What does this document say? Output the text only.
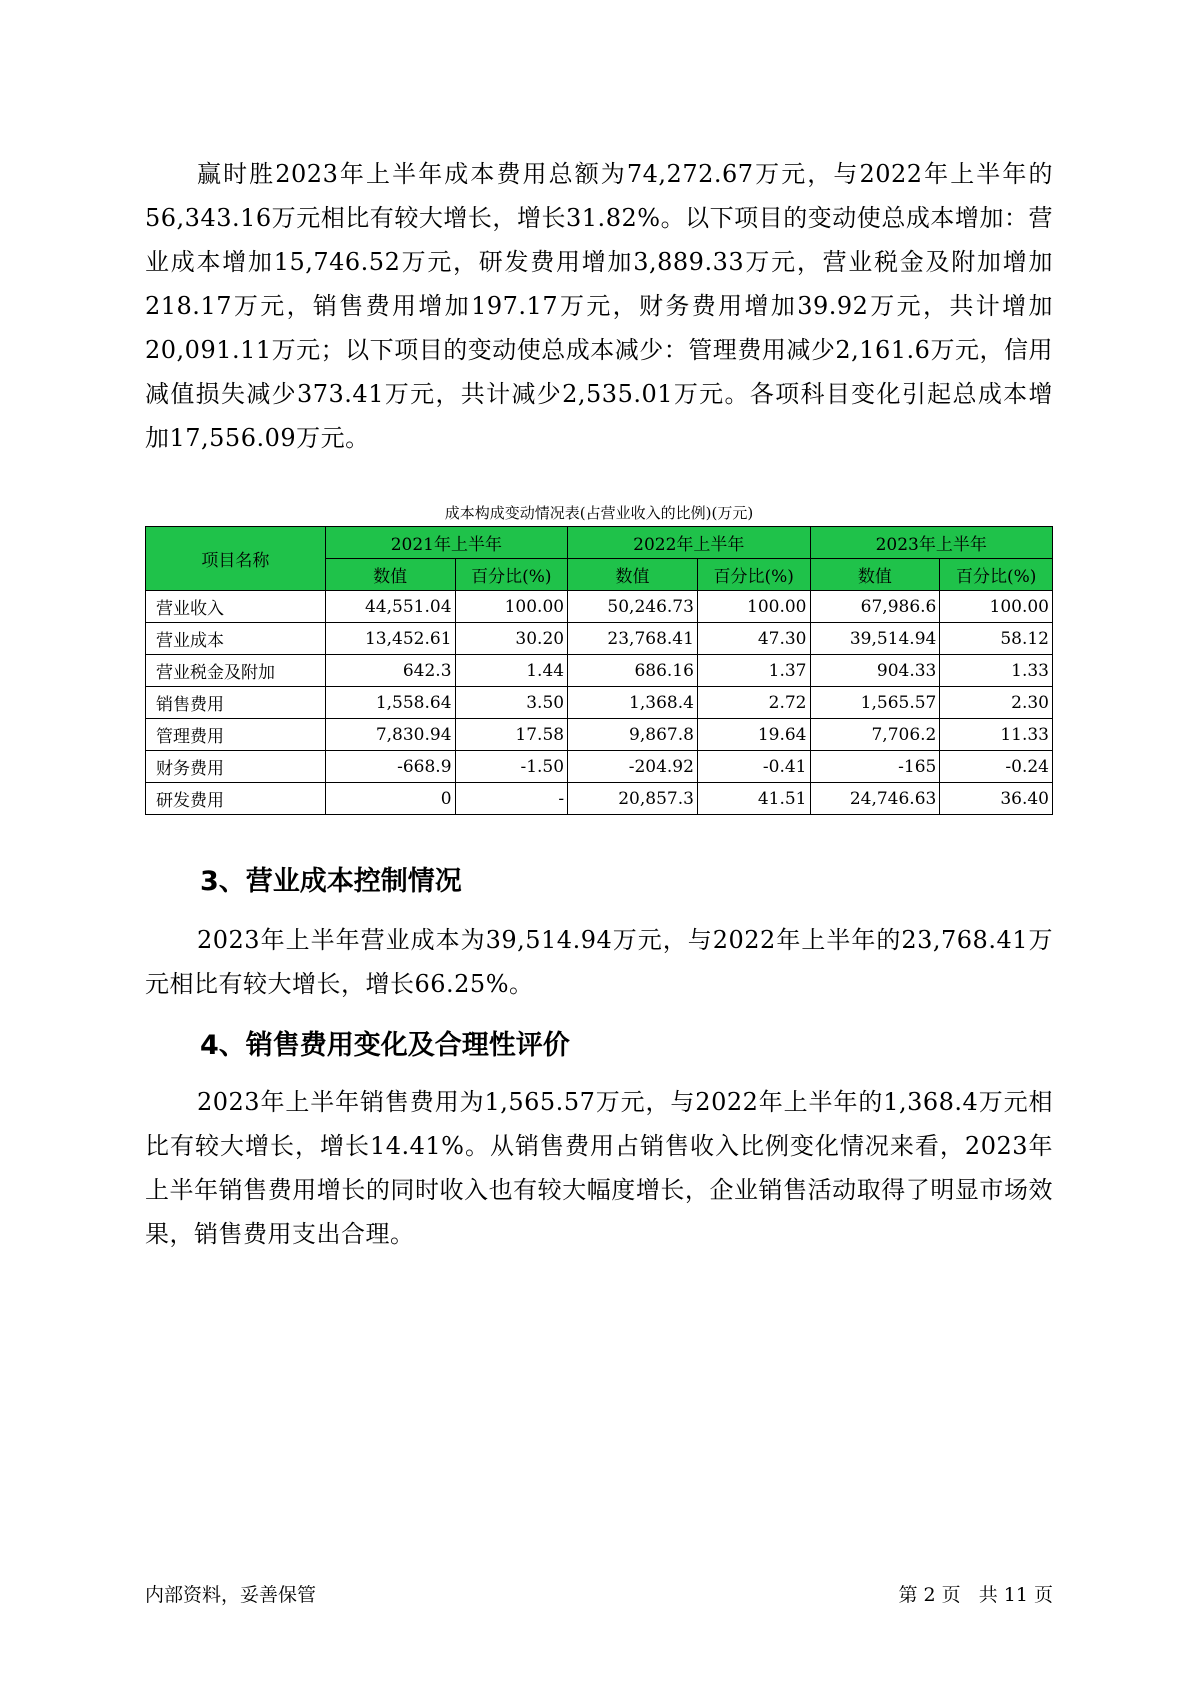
赢时胜2023年上半年成本费用总额为74,272.67万元，与2022年上半年的56,343.16万元相比有较大增长，增长31.82%。以下项目的变动使总成本增加：营业成本增加15,746.52万元，研发费用增加3,889.33万元，营业税金及附加增加218.17万元，销售费用增加197.17万元，财务费用增加39.92万元，共计增加20,091.11万元；以下项目的变动使总成本减少：管理费用减少2,161.6万元，信用减值损失减少373.41万元，共计减少2,535.01万元。各项科目变化引起总成本增加17,556.09万元。

成本构成变动情况表(占营业收入的比例)(万元)

项目名称	2021年上半年		2022年上半年		2023年上半年	
	数值	百分比(%)	数值	百分比(%)	数值	百分比(%)
营业收入	44,551.04	100.00	50,246.73	100.00	67,986.6	100.00
营业成本	13,452.61	30.20	23,768.41	47.30	39,514.94	58.12
营业税金及附加	642.3	1.44	686.16	1.37	904.33	1.33
销售费用	1,558.64	3.50	1,368.4	2.72	1,565.57	2.30
管理费用	7,830.94	17.58	9,867.8	19.64	7,706.2	11.33
财务费用	-668.9	-1.50	-204.92	-0.41	-165	-0.24
研发费用	0	-	20,857.3	41.51	24,746.63	36.40
3、营业成本控制情况

2023年上半年营业成本为39,514.94万元，与2022年上半年的23,768.41万元相比有较大增长，增长66.25%。

4、销售费用变化及合理性评价

2023年上半年销售费用为1,565.57万元，与2022年上半年的1,368.4万元相比有较大增长，增长14.41%。从销售费用占销售收入比例变化情况来看，2023年上半年销售费用增长的同时收入也有较大幅度增长，企业销售活动取得了明显市场效果，销售费用支出合理。

内部资料，妥善保管	第 2 页   共 11 页
